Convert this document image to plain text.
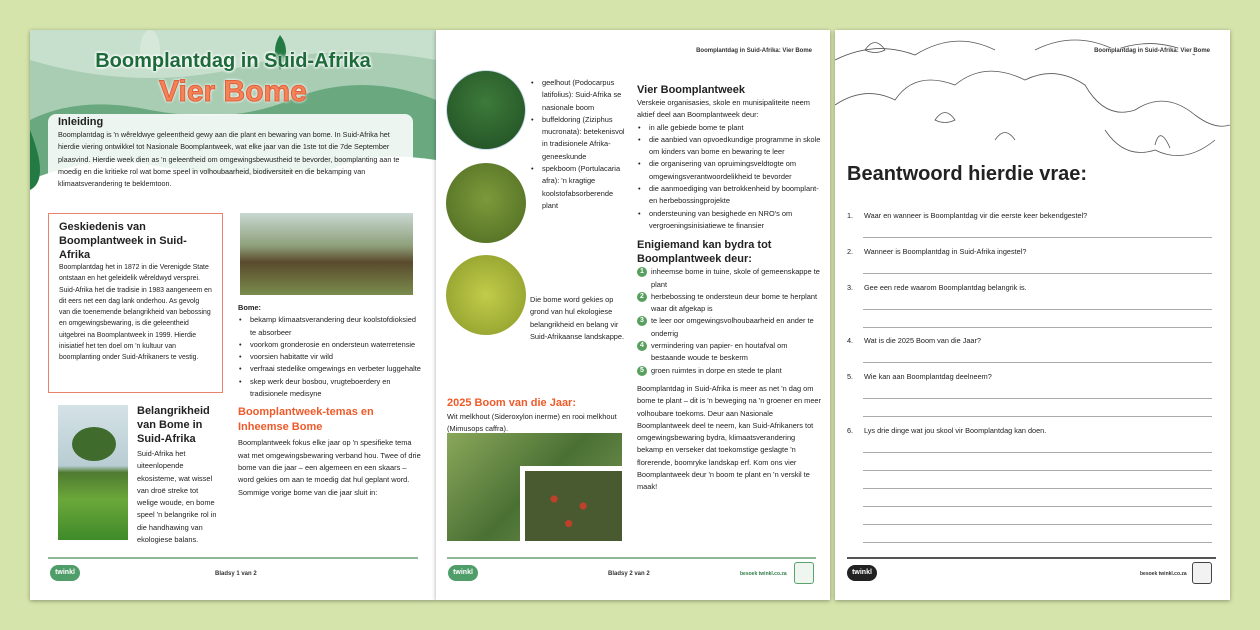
Inleiding

Boomplantdag is 'n wêreldwye geleentheid gewy aan die plant en bewaring van bome. In Suid-Afrika het hierdie viering ontwikkel tot Nasionale Boomplantweek, wat elke jaar van die 1ste tot die 7de September plaasvind. Hierdie week dien as 'n geleentheid om omgewingsbewustheid te bevorder, boomplanting aan te moedig en die kritieke rol wat bome speel in volhoubaarheid, biodiversiteit en die bekamping van klimaatsverandering te beklemtoon.

Boomplantdag in Suid-Afrika
Vier Bome
Geskiedenis van Boomplantweek in Suid-Afrika

Boomplantdag het in 1872 in die Verenigde State ontstaan en het geleidelik wêreldwyd versprei. Suid-Afrika het die tradisie in 1983 aangeneem en dit eers net een dag lank onderhou. As gevolg van die toenemende belangrikheid van bebossing en omgewingsbewaring, is die geleentheid uitgebrei na Boomplantweek in 1999. Hierdie inisiatief het ten doel om 'n kultuur van boomplanting onder Suid-Afrikaners te vestig.

Bome:

• bekamp klimaatsverandering deur koolstofdioksied te absorbeer
• voorkom gronderosie en ondersteun waterretensie
• voorsien habitatte vir wild
• verfraai stedelike omgewings en verbeter luggehalte
• skep werk deur bosbou, vrugteboerdery en tradisionele medisyne
Boomplantweek-temas en Inheemse Bome

Boomplantweek fokus elke jaar op 'n spesifieke tema wat met omgewingsbewaring verband hou. Twee of drie bome van die jaar – een algemeen en een skaars – word gekies om aan te moedig dat hul geplant word. Sommige vorige bome van die jaar sluit in:

Belangrikheid van Bome in Suid-Afrika

Suid-Afrika het uiteenlopende ekosisteme, wat wissel van droë streke tot welige woude, en bome speel 'n belangrike rol in die handhawing van ekologiese balans.

twinkl	Bladsy 1 van 2
Boomplantdag in Suid-Afrika: Vier Bome
• geelhout (Podocarpus latifolius): Suid-Afrika se nasionale boom
• buffeldoring (Ziziphus mucronata): betekenisvol in tradisionele Afrika-geneeskunde
• spekboom (Portulacaria afra): 'n kragtige koolstofabsorberende plant

Die bome word gekies op grond van hul ekologiese belangrikheid en belang vir Suid-Afrikaanse landskappe.

2025 Boom van die Jaar:

Wit melkhout (Sideroxylon inerme) en rooi melkhout (Mimusops caffra).

Vier Boomplantweek

Verskeie organisasies, skole en munisipaliteite neem aktief deel aan Boomplantweek deur:

• in alle gebiede bome te plant
• die aanbied van opvoedkundige programme in skole om kinders van bome en bewaring te leer
• die organisering van opruimingsveldtogte om omgewingsverantwoordelikheid te bevorder
• die aanmoediging van betrokkenheid by boomplant- en herbebossingprojekte
• ondersteuning van besighede en NRO's om vergroeningsinisiatiewe te finansier
Enigiemand kan bydra tot Boomplantweek deur:
1 inheemse bome in tuine, skole of gemeenskappe te plant
2 herbebossing te ondersteun deur bome te herplant waar dit afgekap is
3 te leer oor omgewingsvolhoubaarheid en ander te onderrig
4 vermindering van papier- en houtafval om bestaande woude te beskerm
5 groen ruimtes in dorpe en stede te plant

Boomplantdag in Suid-Afrika is meer as net 'n dag om bome te plant – dit is 'n beweging na 'n groener en meer volhoubare toekoms. Deur aan Nasionale Boomplantweek deel te neem, kan Suid-Afrikaners tot omgewingsbewaring bydra, klimaatsverandering bekamp en verseker dat toekomstige geslagte 'n florerende, boomryke landskap erf. Kom ons vier Boomplantweek deur 'n boom te plant en 'n verskil te maak!

twinkl	Bladsy 2 van 2	besoek twinkl.co.za
Boomplantdag in Suid-Afrika: Vier Bome
Beantwoord hierdie vrae:
1. Waar en wanneer is Boomplantdag vir die eerste keer bekendgestel?
2. Wanneer is Boomplantdag in Suid-Afrika ingestel?
3. Gee een rede waarom Boomplantdag belangrik is.
4. Wat is die 2025 Boom van die Jaar?
5. Wie kan aan Boomplantdag deelneem?
6. Lys drie dinge wat jou skool vir Boomplantdag kan doen.
twinkl	besoek twinkl.co.za
